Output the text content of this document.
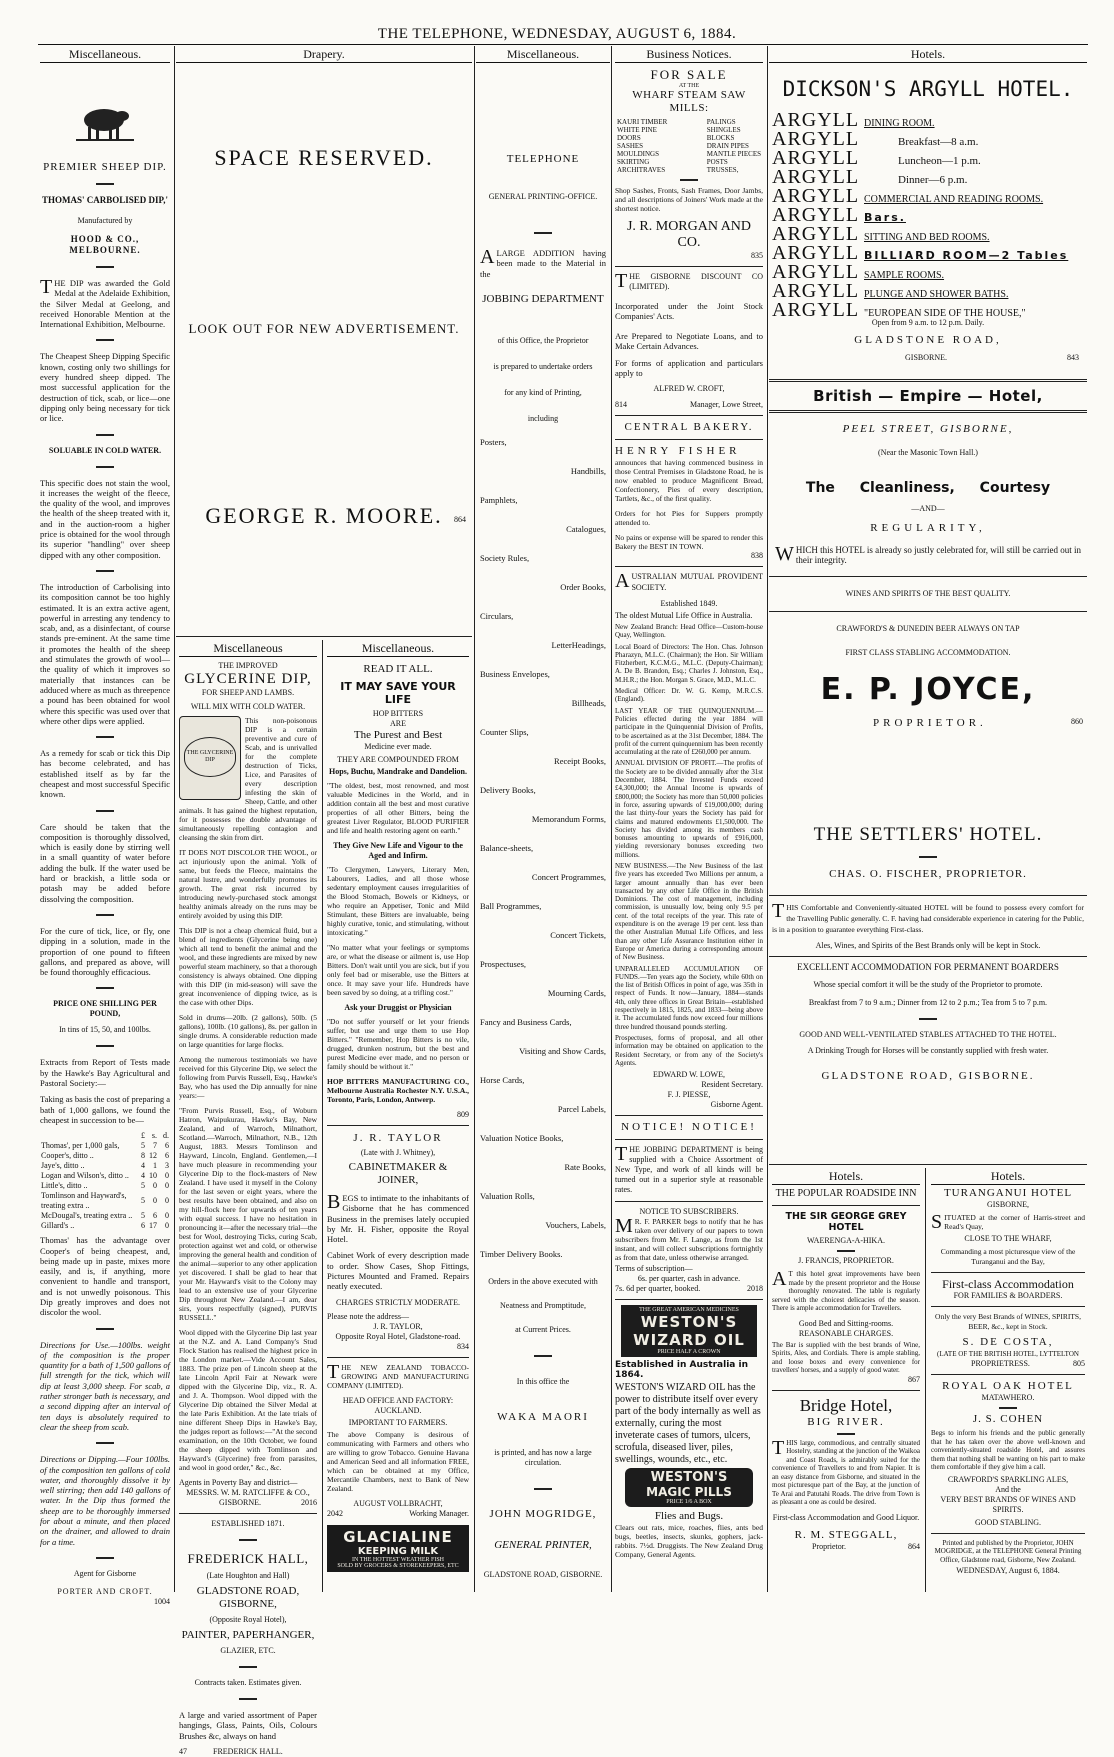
THE TELEPHONE, WEDNESDAY, AUGUST 6, 1884.
Miscellaneous.
PREMIER SHEEP DIP.
THOMAS' CARBOLISED DIP,'
Manufactured by
HOOD & CO., MELBOURNE.

THE DIP was awarded the Gold Medal at the Adelaide Exhibition, the Silver Medal at Geelong, and received Honorable Mention at the International Exhibition, Melbourne.

The Cheapest Sheep Dipping Specific known, costing only two shillings for every hundred sheep dipped. The most successful application for the destruction of tick, scab, or lice—one dipping only being necessary for tick or lice.

SOLUABLE IN COLD WATER.

This specific does not stain the wool, it increases the weight of the fleece, the quality of the wool, and improves the health of the sheep treated with it, and in the auction-room a higher price is obtained for the wool through its superior "handling" over sheep dipped with any other composition.

The introduction of Carbolising into its composition cannot be too highly estimated. It is an extra active agent, powerful in arresting any tendency to scab, and, as a disinfectant, of course stands pre-eminent. At the same time it promotes the health of the sheep and stimulates the growth of wool—the quality of which it improves so materially that instances can be adduced where as much as threepence a pound has been obtained for wool where this specific was used over that where other dips were applied.

As a remedy for scab or tick this Dip has become celebrated, and has established itself as by far the cheapest and most successful Specific known.

Care should be taken that the composition is thoroughly dissolved, which is easily done by stirring well in a small quantity of water before adding the bulk. If the water used be hard or brackish, a little soda or potash may be added before dissolving the composition.

For the cure of tick, lice, or fly, one dipping in a solution, made in the proportion of one pound to fifteen gallons, and prepared as above, will be found thoroughly efficacious.

PRICE ONE SHILLING PER POUND,
In tins of 15, 50, and 100lbs.

Extracts from Report of Tests made by the Hawke's Bay Agricultural and Pastoral Society:—

Taking as basis the cost of preparing a bath of 1,000 gallons, we found the cheapest in succession to be—

	£	s.	d.
Thomas', per 1,000 gals,	5	7	6
Cooper's, ditto ..	8	12	6
Jaye's, ditto ..	4	1	3
Logan and Wilson's, ditto ..	4	10	0
Little's, ditto ..	5	0	0
Tomlinson and Hayward's, treating extra ..	5	0	0
McDougal's, treating extra ..	5	6	0
Gillard's ..	6	17	0

Thomas' has the advantage over Cooper's of being cheapest, and, being made up in paste, mixes more easily, and is, if anything, more convenient to handle and transport, and is not unwedly poisonous. This Dip greatly improves and does not discolor the wool.

Directions for Use.—100lbs. weight of the composition is the proper quantity for a bath of 1,500 gallons of full strength for the tick, which will dip at least 3,000 sheep. For scab, a rather stronger bath is necessary, and a second dipping after an interval of ten days is absolutely required to clear the sheep from scab.

Directions or Dipping.—Four 100lbs. of the composition ten gallons of cold water, and thoroughly dissolve it by well stirring; then add 140 gallons of water. In the Dip thus formed the sheep are to be thoroughly immersed for about a minute, and then placed on the drainer, and allowed to drain for a time.

Agent for Gisborne
PORTER AND CROFT.
1004
Drapery.
SPACE RESERVED.
LOOK OUT FOR NEW ADVERTISEMENT.
GEORGE R. MOORE.	864
Miscellaneous
THE IMPROVED
GLYCERINE DIP,
FOR SHEEP AND LAMBS.
WILL MIX WITH COLD WATER.
THE GLYCERINE DIP

This non-poisonous DIP is a certain preventive and cure of Scab, and is unrivalled for the complete destruction of Ticks, Lice, and Parasites of every description infesting the skin of Sheep, Cattle, and other animals. It has gained the highest reputation, for it possesses the double advantage of simultaneously repelling contagion and cleansing the skin from dirt.

IT DOES NOT DISCOLOR THE WOOL, or act injuriously upon the animal. Yolk of same, but feeds the Fleece, maintains the natural lustre, and wonderfully promotes its growth. The great risk incurred by introducing newly-purchased stock amongst healthy animals already on the runs may be entirely avoided by using this DIP.

This DIP is not a cheap chemical fluid, but a blend of ingredients (Glycerine being one) which all tend to benefit the animal and the wool, and these ingredients are mixed by new powerful steam machinery, so that a thorough consistency is always obtained. One dipping with this DIP (in mid-season) will save the great inconvenience of dipping twice, as is the case with other Dips.

Sold in drums—20lb. (2 gallons), 50lb. (5 gallons), 100lb. (10 gallons), 8s. per gallon in single drums. A considerable reduction made on large quantities for large flocks.

Among the numerous testimonials we have received for this Glycerine Dip, we select the following from Purvis Russell, Esq., Hawke's Bay, who has used the Dip annually for nine years:—

"From Purvis Russell, Esq., of Woburn Hatron, Waipukurau, Hawke's Bay, New Zealand, and of Warroch, Milnathort, Scotland.—Warroch, Milnathort, N.B., 12th August, 1883. Messrs Tomlinson and Hayward, Lincoln, England. Gentlemen,—I have much pleasure in recommending your Glycerine Dip to the flock-masters of New Zealand. I have used it myself in the Colony for the last seven or eight years, where the best results have been obtained, and also on my hill-flock here for upwards of ten years with equal success. I have no hesitation in pronouncing it—after the necessary trial—the best for Wool, destroying Ticks, curing Scab, protection against wet and cold, or otherwise improving the general health and condition of the animal—superior to any other application yet discovered. I shall be glad to hear that your Mr. Hayward's visit to the Colony may lead to an extensive use of your Glycerine Dip throughout New Zealand.—I am, dear sirs, yours respectfully (signed), PURVIS RUSSELL."

Wool dipped with the Glycerine Dip last year at the N.Z. and A. Land Company's Stud Flock Station has realised the highest price in the London market.—Vide Account Sales, 1883. The prize pen of Lincoln sheep at the late Lincoln April Fair at Newark were dipped with the Glycerine Dip, viz., R. A. and J. A. Thompson. Wool dipped with the Glycerine Dip obtained the Silver Medal at the late Paris Exhibition. At the late trials of nine different Sheep Dips in Hawke's Bay, the judges report as follows:—"At the second examination, on the 10th October, we found the sheep dipped with Tomlinson and Hayward's (Glycerine) free from parasites, and wool in good order," &c., &c.

Agents in Poverty Bay and district—
MESSRS. W. M. RATCLIFFE & CO.,
GISBORNE.	2016
ESTABLISHED 1871.
FREDERICK HALL,
(Late Houghton and Hall)
GLADSTONE ROAD, GISBORNE,
(Opposite Royal Hotel),
PAINTER, PAPERHANGER,
GLAZIER, ETC.
Contracts taken. Estimates given.

A large and varied assortment of Paper hangings, Glass, Paints, Oils, Colours Brushes &c, always on hand

47	FREDERICK HALL.
Miscellaneous.
READ IT ALL.
IT MAY SAVE YOUR LIFE
HOP BITTERS
ARE
The Purest and Best
Medicine ever made.
THEY ARE COMPOUNDED FROM
Hops, Buchu, Mandrake and Dandelion.

"The oldest, best, most renowned, and most valuable Medicines in the World, and in addition contain all the best and most curative properties of all other Bitters, being the greatest Liver Regulator, BLOOD PURIFIER and life and health restoring agent on earth."

They Give New Life and Vigour to the Aged and Infirm.

"To Clergymen, Lawyers, Literary Men, Labourers, Ladies, and all those whose sedentary employment causes irregularities of the Blood Stomach, Bowels or Kidneys, or who require an Appetiser, Tonic and Mild Stimulant, these Bitters are invaluable, being highly curative, tonic, and stimulating, without intoxicating."

"No matter what your feelings or symptoms are, or what the disease or ailment is, use Hop Bitters. Don't wait until you are sick, but if you only feel bad or miserable, use the Bitters at once. It may save your life. Hundreds have been saved by so doing, at a trifling cost."

Ask your Druggist or Physician

"Do not suffer yourself or let your friends suffer, but use and urge them to use Hop Bitters." "Remember, Hop Bitters is no vile, drugged, drunken nostrum, but the best and purest Medicine ever made, and no person or family should be without it."

HOP BITTERS MANUFACTURING CO., Melbourne Australia Rochester N.Y. U.S.A., Toronto, Paris, London, Antwerp.

809
J. R. TAYLOR
(Late with J. Whitney),
CABINETMAKER & JOINER,

BEGS to intimate to the inhabitants of Gisborne that he has commenced Business in the premises lately occupied by Mr. H. Fisher, opposite the Royal Hotel.

Cabinet Work of every description made to order. Show Cases, Shop Fittings, Pictures Mounted and Framed. Repairs neatly executed.

CHARGES STRICTLY MODERATE.
Please note the address—
J. R. TAYLOR,
Opposite Royal Hotel, Gladstone-road.
834

THE NEW ZEALAND TOBACCO-GROWING AND MANUFACTURING COMPANY (LIMITED).

HEAD OFFICE AND FACTORY: AUCKLAND.
IMPORTANT TO FARMERS.

The above Company is desirous of communicating with Farmers and others who are willing to grow Tobacco. Genuine Havana and American Seed and all information FREE, which can be obtained at my Office, Mercantile Chambers, next to Bank of New Zealand.

AUGUST VOLLBRACHT,
2042	Working Manager.
GLACIALINE
KEEPING MILK
IN THE HOTTEST WEATHER FISH
SOLD BY GROCERS & STOREKEEPERS, ETC
Miscellaneous.
TELEPHONE
GENERAL PRINTING-OFFICE.

ALARGE ADDITION having been made to the Material in the

JOBBING DEPARTMENT
of this Office, the Proprietor
is prepared to undertake orders
for any kind of Printing,
including
Posters,
Handbills,
Pamphlets,
Catalogues,
Society Rules,
Order Books,
Circulars,
LetterHeadings,
Business Envelopes,
Billheads,
Counter Slips,
Receipt Books,
Delivery Books,
Memorandum Forms,
Balance-sheets,
Concert Programmes,
Ball Programmes,
Concert Tickets,
Prospectuses,
Mourning Cards,
Fancy and Business Cards,
Visiting and Show Cards,
Horse Cards,
Parcel Labels,
Valuation Notice Books,
Rate Books,
Valuation Rolls,
Vouchers, Labels,
Timber Delivery Books.
Orders in the above executed with
Neatness and Promptitude,
at Current Prices.
In this office the
WAKA MAORI
is printed, and has now a large circulation.
JOHN MOGRIDGE,
GENERAL PRINTER,
GLADSTONE ROAD, GISBORNE.
Business Notices.
FOR SALE
AT THE
WHARF STEAM SAW MILLS:
KAURI TIMBER
WHITE PINE
DOORS
SASHES
MOULDINGS
SKIRTING
ARCHITRAVES
PALINGS
SHINGLES
BLOCKS
DRAIN PIPES
MANTLE PIECES
POSTS
TRUSSES,

Shop Sashes, Fronts, Sash Frames, Door Jambs, and all descriptions of Joiners' Work made at the shortest notice.

J. R. MORGAN AND CO.
835

THE GISBORNE DISCOUNT CO (LIMITED).

Incorporated under the Joint Stock Companies' Acts.

Are Prepared to Negotiate Loans, and to Make Certain Advances.

For forms of application and particulars apply to

ALFRED W. CROFT,
814	Manager, Lowe Street,
CENTRAL BAKERY.
HENRY FISHER

announces that having commenced business in those Central Premises in Gladstone Road, he is now enabled to produce Magnificent Bread, Confectionery, Pies of every description, Tartlets, &c., of the first quality.

Orders for hot Pies for Suppers promptly attended to.

No pains or expense will be spared to render this Bakery the BEST IN TOWN.

838

AUSTRALIAN MUTUAL PROVIDENT SOCIETY.

Established 1849.
The oldest Mutual Life Office in Australia.

New Zealand Branch: Head Office—Custom-house Quay, Wellington.

Local Board of Directors: The Hon. Chas. Johnson Pharazyn, M.L.C. (Chairman); the Hon. Sir William Fitzherbert, K.C.M.G., M.L.C. (Deputy-Chairman); A. De B. Brandon, Esq.; Charles J. Johnston, Esq., M.H.R.; the Hon. Morgan S. Grace, M.D., M.L.C.

Medical Officer: Dr. W. G. Kemp, M.R.C.S. (England).

LAST YEAR OF THE QUINQUENNIUM.—Policies effected during the year 1884 will participate in the Quinquennial Division of Profits, to be ascertained as at the 31st December, 1884. The profit of the current quinquennium has been recently accumulating at the rate of £260,000 per annum.

ANNUAL DIVISION OF PROFIT.—The profits of the Society are to be divided annually after the 31st December, 1884. The Invested Funds exceed £4,300,000; the Annual Income is upwards of £800,000; the Society has more than 50,000 policies in force, assuring upwards of £19,000,000; during the last thirty-four years the Society has paid for claims and matured endowments £1,500,000. The Society has divided among its members cash bonuses amounting to upwards of £916,000, yielding reversionary bonuses exceeding two millions.

NEW BUSINESS.—The New Business of the last five years has exceeded Two Millions per annum, a larger amount annually than has ever been transacted by any other Life Office in the British Dominions. The cost of management, including commission, is unusually low, being only 9.5 per cent. of the total receipts of the year. This rate of expenditure is on the average 19 per cent. less than the other Australian Mutual Life Offices, and less than any other Life Assurance Institution either in Europe or America during a corresponding amount of New Business.

UNPARALLELED ACCUMULATION OF FUNDS.—Ten years ago the Society, while 60th on the list of British Offices in point of age, was 35th in respect of Funds. It now—January, 1884—stands 4th, only three offices in Great Britain—established respectively in 1815, 1825, and 1833—being above it. The accumulated funds now exceed four millions three hundred thousand pounds sterling.

Prospectuses, forms of proposal, and all other information may be obtained on application to the Resident Secretary, or from any of the Society's Agents.

EDWARD W. LOWE,
Resident Secretary.
F. J. PIESSE,
Gisborne Agent.
NOTICE! NOTICE!

THE JOBBING DEPARTMENT is being supplied with a Choice Assortment of New Type, and work of all kinds will be turned out in a superior style at reasonable rates.

NOTICE TO SUBSCRIBERS.

MR. F. PARKER begs to notify that he has taken over delivery of our papers to town subscribers from Mr. F. Lange, as from the 1st instant, and will collect subscriptions fortnightly as from that date, unless otherwise arranged.

Terms of subscription—
6s. per quarter, cash in advance.
7s. 6d per quarter, booked.	2018
THE GREAT AMERICAN MEDICINES
WESTON'S
WIZARD OIL
PRICE HALF A CROWN
Established in Australia in 1864.

WESTON'S WIZARD OIL has the power to distribute itself over every part of the body internally as well as externally, curing the most inveterate cases of tumors, ulcers, scrofula, diseased liver, piles, swellings, wounds, etc., etc.

WESTON'S
MAGIC PILLS
PRICE 1/6 A BOX
Flies and Bugs.

Clears out rats, mice, roaches, flies, ants bed bugs, beetles, insects, skunks, gophers, jack-rabbits. 7½d. Druggists. The New Zealand Drug Company, General Agents.

Hotels.
DICKSON'S ARGYLL HOTEL.
ARGYLL DINING ROOM.
ARGYLL	Breakfast—8 a.m.
ARGYLL	Luncheon—1 p.m.
ARGYLL	Dinner—6 p.m.
ARGYLL COMMERCIAL AND READING ROOMS.
ARGYLL Bars.
ARGYLL SITTING AND BED ROOMS.
ARGYLL BILLIARD ROOM—2 Tables
ARGYLL SAMPLE ROOMS.
ARGYLL PLUNGE AND SHOWER BATHS.
ARGYLL "EUROPEAN SIDE OF THE HOUSE,"
Open from 9 a.m. to 12 p.m. Daily.
GLADSTONE ROAD,
GISBORNE.	843
British — Empire — Hotel,
PEEL STREET, GISBORNE,
(Near the Masonic Town Hall.)
The Cleanliness, Courtesy
—AND—
REGULARITY,

WHICH this HOTEL is already so justly celebrated for, will still be carried out in their integrity.

WINES AND SPIRITS OF THE BEST QUALITY.
CRAWFORD'S & DUNEDIN BEER ALWAYS ON TAP
FIRST CLASS STABLING ACCOMMODATION.
E. P. JOYCE,
PROPRIETOR.	860
THE SETTLERS' HOTEL.
CHAS. O. FISCHER, PROPRIETOR.

THIS Comfortable and Conveniently-situated HOTEL will be found to possess every comfort for the Travelling Public generally. C. F. having had considerable experience in catering for the Public, is in a position to guarantee everything First-class.

Ales, Wines, and Spirits of the Best Brands only will be kept in Stock.
EXCELLENT ACCOMMODATION FOR PERMANENT BOARDERS
Whose special comfort it will be the study of the Proprietor to promote.
Breakfast from 7 to 9 a.m.; Dinner from 12 to 2 p.m.; Tea from 5 to 7 p.m.
GOOD AND WELL-VENTILATED STABLES ATTACHED TO THE HOTEL.
A Drinking Trough for Horses will be constantly supplied with fresh water.
GLADSTONE ROAD, GISBORNE.
Hotels.
THE POPULAR ROADSIDE INN
THE SIR GEORGE GREY HOTEL
WAERENGA-A-HIKA.
J. FRANCIS, PROPRIETOR.

AT this hotel great improvements have been made by the present proprietor and the House thoroughly renovated. The table is regularly served with the choicest delicacies of the season. There is ample accommodation for Travellers.

Good Bed and Sitting-rooms.
REASONABLE CHARGES.

The Bar is supplied with the best brands of Wine, Spirits, Ales, and Cordials. There is ample stabling, and loose boxes and every convenience for travellers' horses, and a supply of good water.

867
Bridge Hotel,
BIG RIVER.

THIS large, commodious, and centrally situated Hostelry, standing at the junction of the Waikoa and Coast Roads, is admirably suited for the convenience of Travellers to and from Napier. It is an easy distance from Gisborne, and situated in the most picturesque part of the Bay, at the junction of Te Arai and Patutahi Roads. The drive from Town is as pleasant a one as could be desired.

First-class Accommodation and Good Liquor.
R. M. STEGGALL,
Proprietor.	864
Hotels.
TURANGANUI HOTEL
GISBORNE,

SITUATED at the corner of Harris-street and Read's Quay,

CLOSE TO THE WHARF,
Commanding a most picturesque view of the Turanganui and the Bay,
First-class Accommodation
FOR FAMILIES & BOARDERS.
Only the very Best Brands of WINES, SPIRITS, BEER, &c., kept in Stock.
S. DE COSTA,
(LATE OF THE BRITISH HOTEL, LYTTELTON
PROPRIETRESS.	805
ROYAL OAK HOTEL
MATAWHERO.
J. S. COHEN

Begs to inform his friends and the public generally that he has taken over the above well-known and conveniently-situated roadside Hotel, and assures them that nothing shall be wanting on his part to make them comfortable if they give him a call.

CRAWFORD'S SPARKLING ALES,
And the
VERY BEST BRANDS OF WINES AND SPIRITS.
GOOD STABLING.

Printed and published by the Proprietor, JOHN MOGRIDGE, at the TELEPHONE General Printing Office, Gladstone road, Gisborne, New Zealand.

WEDNESDAY, August 6, 1884.
